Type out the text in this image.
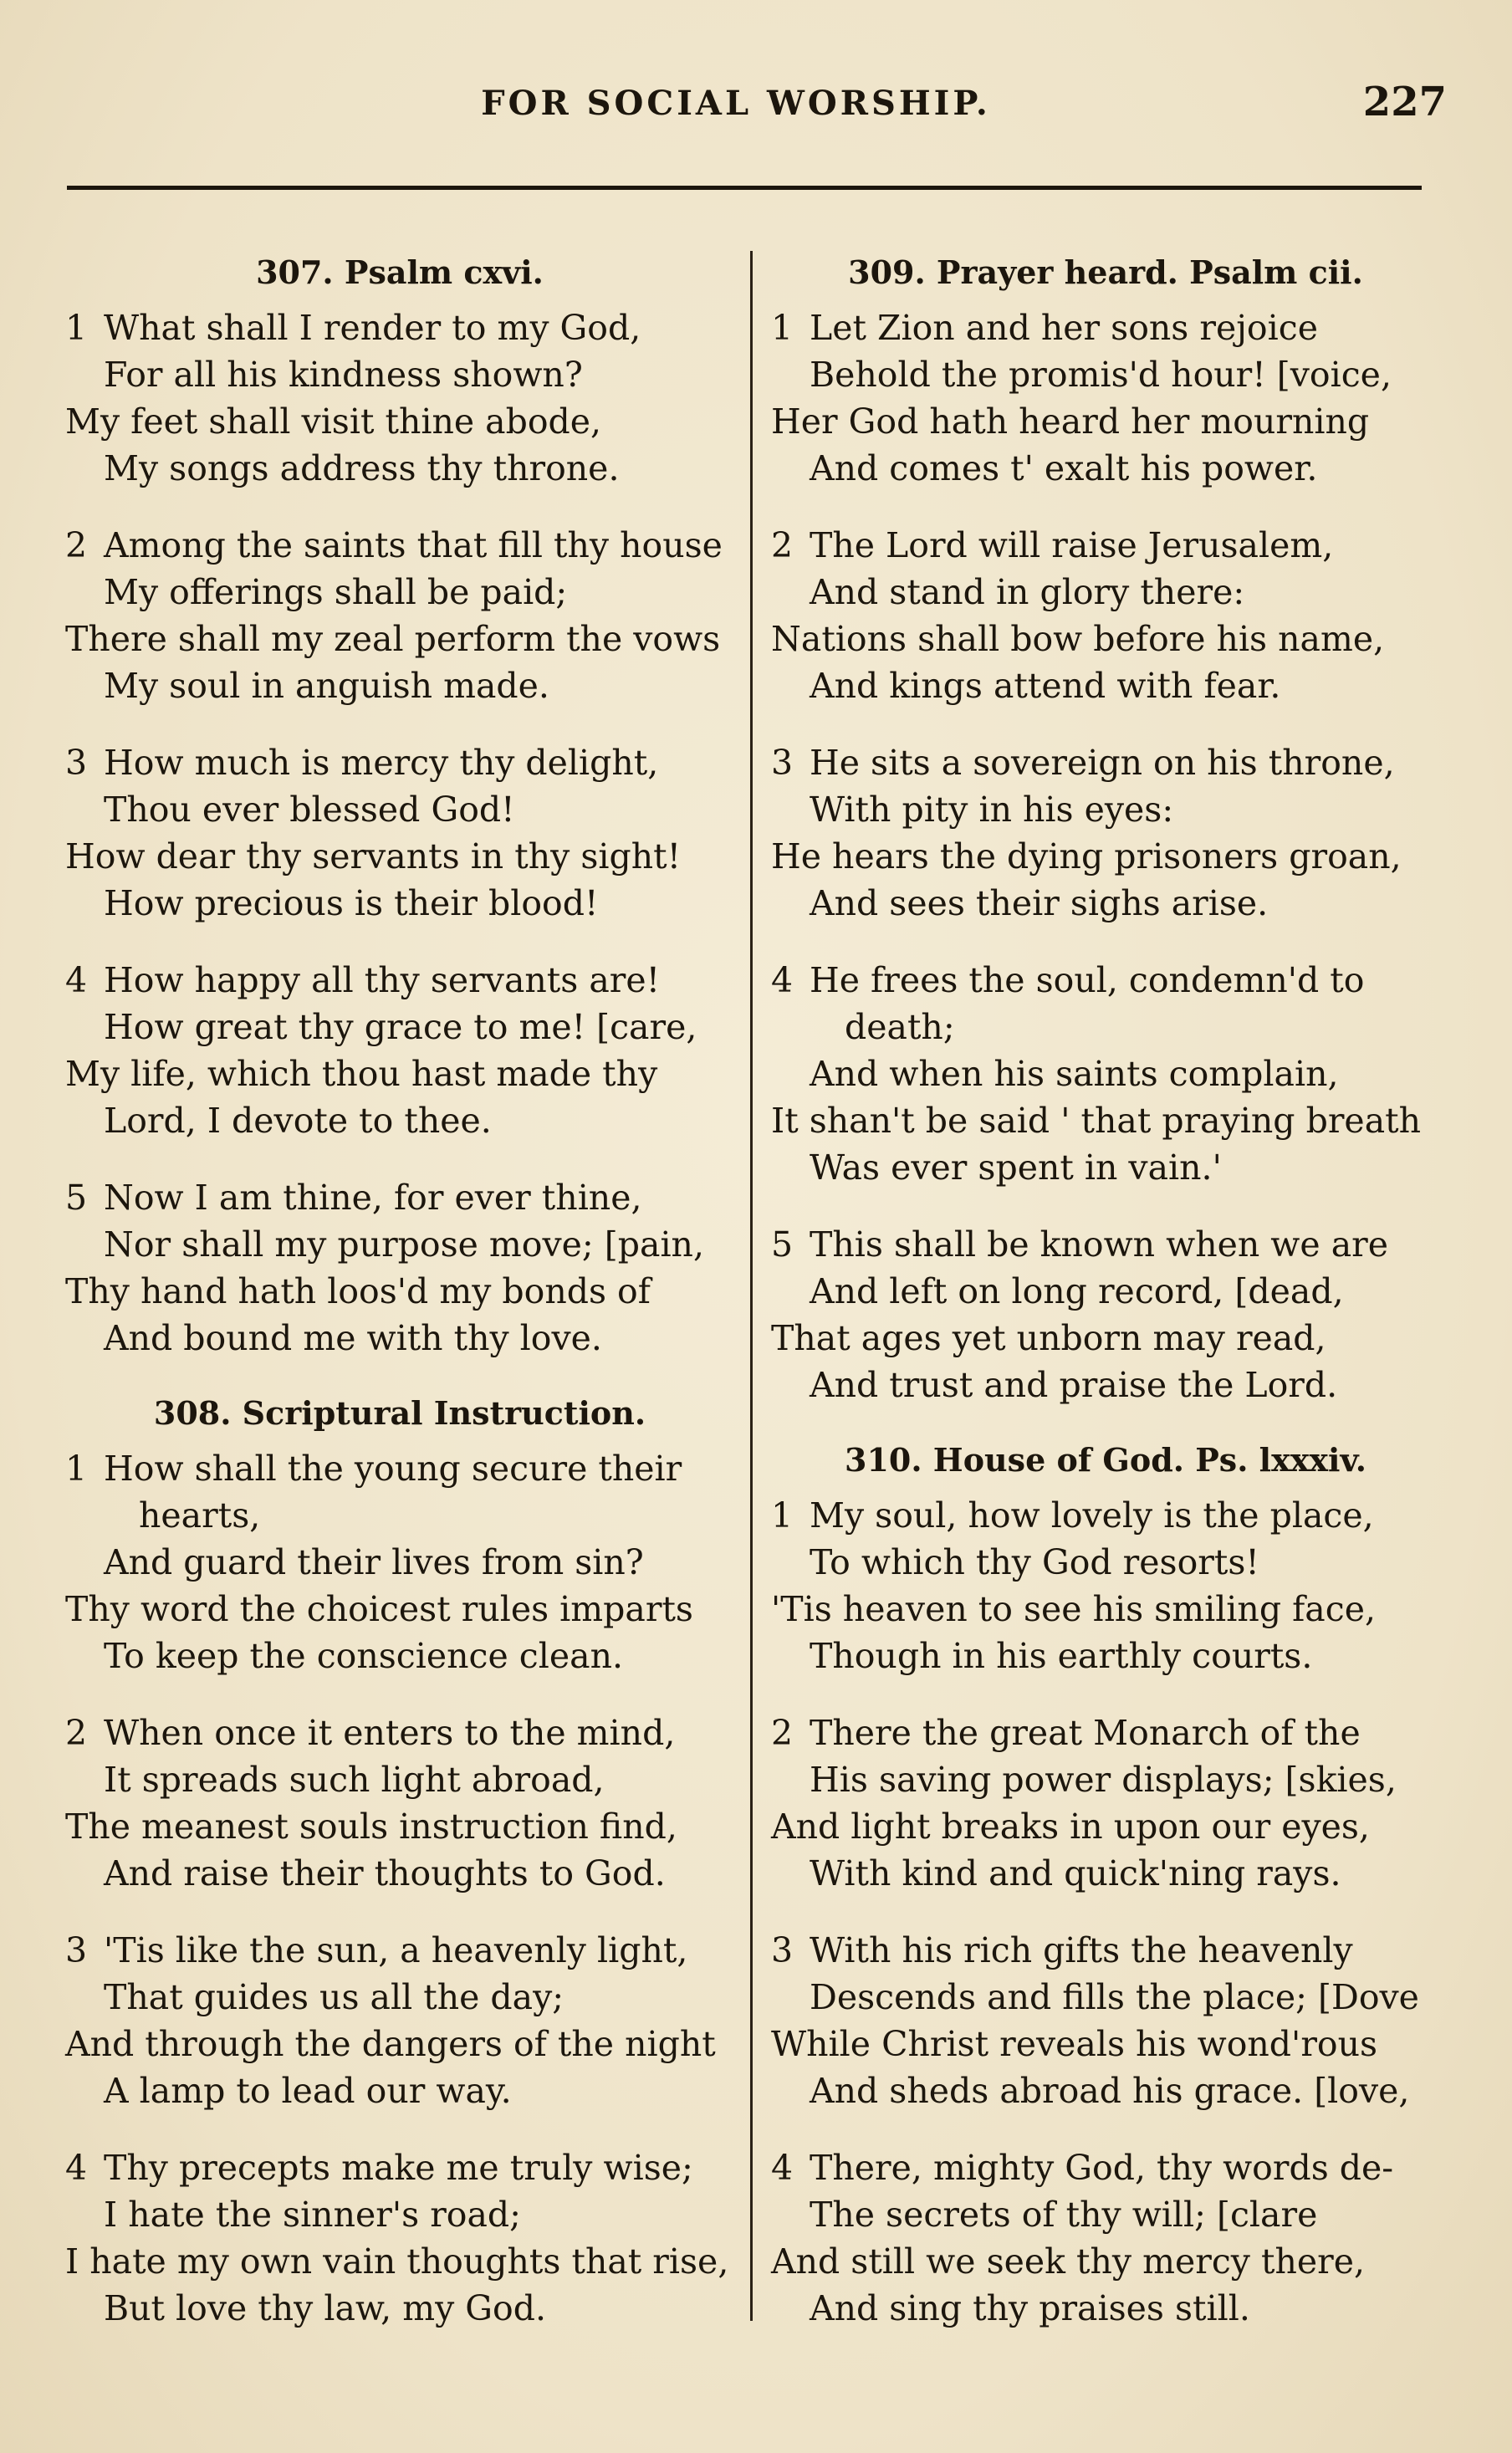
FOR SOCIAL WORSHIP.	227
307. Psalm cxvi.
1 What shall I render to my God,
For all his kindness shown?
My feet shall visit thine abode,
My songs address thy throne.
2 Among the saints that fill thy house
My offerings shall be paid;
There shall my zeal perform the vows
My soul in anguish made.
3 How much is mercy thy delight,
Thou ever blessed God!
How dear thy servants in thy sight!
How precious is their blood!
4 How happy all thy servants are!
How great thy grace to me! [care,
My life, which thou hast made thy
Lord, I devote to thee.
5 Now I am thine, for ever thine,
Nor shall my purpose move; [pain,
Thy hand hath loos'd my bonds of
And bound me with thy love.
308. Scriptural Instruction.
1 How shall the young secure their
hearts,
And guard their lives from sin?
Thy word the choicest rules imparts
To keep the conscience clean.
2 When once it enters to the mind,
It spreads such light abroad,
The meanest souls instruction find,
And raise their thoughts to God.
3 'Tis like the sun, a heavenly light,
That guides us all the day;
And through the dangers of the night
A lamp to lead our way.
4 Thy precepts make me truly wise;
I hate the sinner's road;
I hate my own vain thoughts that rise,
But love thy law, my God.
309. Prayer heard. Psalm cii.
1 Let Zion and her sons rejoice
Behold the promis'd hour! [voice,
Her God hath heard her mourning
And comes t' exalt his power.
2 The Lord will raise Jerusalem,
And stand in glory there:
Nations shall bow before his name,
And kings attend with fear.
3 He sits a sovereign on his throne,
With pity in his eyes:
He hears the dying prisoners groan,
And sees their sighs arise.
4 He frees the soul, condemn'd to
death;
And when his saints complain,
It shan't be said ' that praying breath
Was ever spent in vain.'
5 This shall be known when we are
And left on long record, [dead,
That ages yet unborn may read,
And trust and praise the Lord.
310. House of God. Ps. lxxxiv.
1 My soul, how lovely is the place,
To which thy God resorts!
'Tis heaven to see his smiling face,
Though in his earthly courts.
2 There the great Monarch of the
His saving power displays; [skies,
And light breaks in upon our eyes,
With kind and quick'ning rays.
3 With his rich gifts the heavenly
Descends and fills the place; [Dove
While Christ reveals his wond'rous
And sheds abroad his grace. [love,
4 There, mighty God, thy words de-
The secrets of thy will; [clare
And still we seek thy mercy there,
And sing thy praises still.
